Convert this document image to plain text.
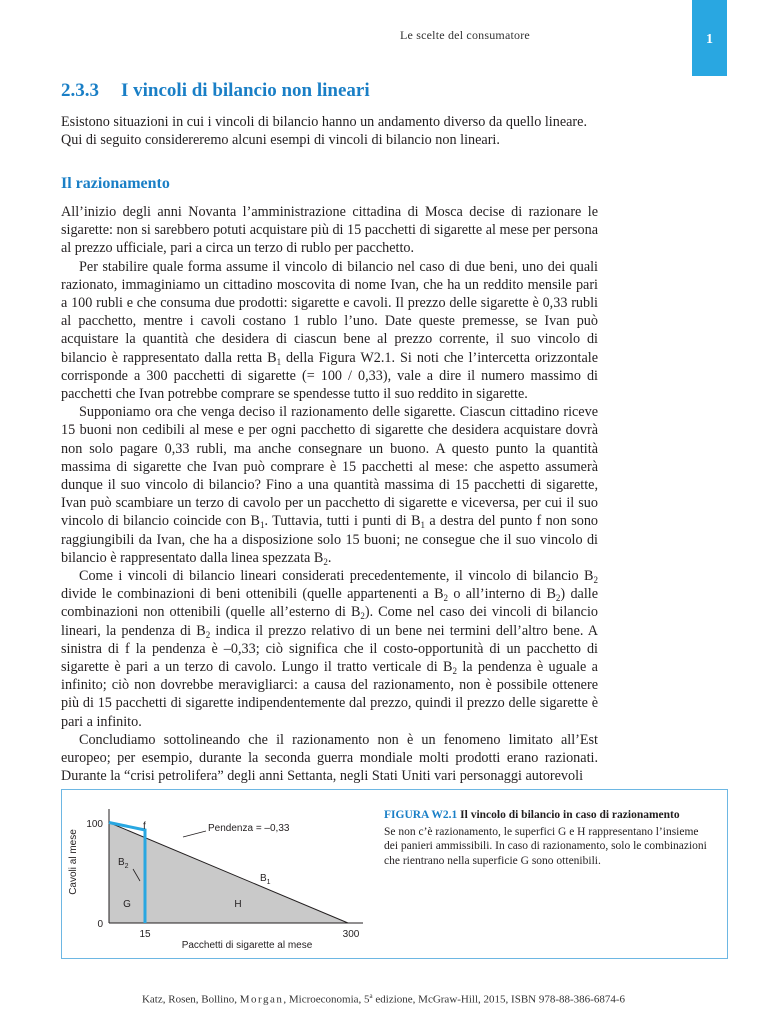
Le scelte del consumatore	1
2.3.3 I vincoli di bilancio non lineari
Esistono situazioni in cui i vincoli di bilancio hanno un andamento diverso da quello lineare. Qui di seguito considereremo alcuni esempi di vincoli di bilancio non lineari.
Il razionamento

All’inizio degli anni Novanta l’amministrazione cittadina di Mosca decise di razionare le sigarette: non si sarebbero potuti acquistare più di 15 pacchetti di sigarette al mese per persona al prezzo ufficiale, pari a circa un terzo di rublo per pacchetto.

Per stabilire quale forma assume il vincolo di bilancio nel caso di due beni, uno dei quali razionato, immaginiamo un cittadino moscovita di nome Ivan, che ha un reddito mensile pari a 100 rubli e che consuma due prodotti: sigarette e cavoli. Il prezzo delle sigarette è 0,33 rubli al pacchetto, mentre i cavoli costano 1 rublo l’uno. Date queste premesse, se Ivan può acquistare la quantità che desidera di ciascun bene al prezzo corrente, il suo vincolo di bilancio è rappresentato dalla retta $B_1$ della Figura W2.1. Si noti che l’intercetta orizzontale corrisponde a 300 pacchetti di sigarette (= 100 / 0,33), vale a dire il numero massimo di pacchetti che Ivan potrebbe comprare se spendesse tutto il suo reddito in sigarette.

Supponiamo ora che venga deciso il razionamento delle sigarette. Ciascun cittadino riceve 15 buoni non cedibili al mese e per ogni pacchetto di sigarette che desidera acquistare dovrà non solo pagare 0,33 rubli, ma anche consegnare un buono. A questo punto la quantità massima di sigarette che Ivan può comprare è 15 pacchetti al mese: che aspetto assumerà dunque il suo vincolo di bilancio? Fino a una quantità massima di 15 pacchetti di sigarette, Ivan può scambiare un terzo di cavolo per un pacchetto di sigarette e viceversa, per cui il suo vincolo di bilancio coincide con $B_1$. Tuttavia, tutti i punti di $B_1$ a destra del punto f non sono raggiungibili da Ivan, che ha a disposizione solo 15 buoni; ne consegue che il suo vincolo di bilancio è rappresentato dalla linea spezzata $B_2$.

Come i vincoli di bilancio lineari considerati precedentemente, il vincolo di bilancio $B_2$ divide le combinazioni di beni ottenibili (quelle appartenenti a $B_2$ o all’interno di $B_2$) dalle combinazioni non ottenibili (quelle all’esterno di $B_2$). Come nel caso dei vincoli di bilancio lineari, la pendenza di $B_2$ indica il prezzo relativo di un bene nei termini dell’altro bene. A sinistra di f la pendenza è –0,33; ciò significa che il costo-opportunità di un pacchetto di sigarette è pari a un terzo di cavolo. Lungo il tratto verticale di $B_2$ la pendenza è uguale a infinito; ciò non dovrebbe meravigliarci: a causa del razionamento, non è possibile ottenere più di 15 pacchetti di sigarette indipendentemente dal prezzo, quindi il prezzo delle sigarette è pari a infinito.

Concludiamo sottolineando che il razionamento non è un fenomeno limitato all’Est europeo; per esempio, durante la seconda guerra mondiale molti prodotti erano razionati. Durante la “crisi petrolifera” degli anni Settanta, negli Stati Uniti vari personaggi autorevoli

Cavoli al mese
Pacchetti di sigarette al mese
100
0
15	300
f	Pendenza = –0,33
$B_1$
$B_2$
G	H
FIGURA W2.1 Il vincolo di bilancio in caso di razionamento
Se non c’è razionamento, le superfici G e H rappresentano l’insieme dei panieri ammissibili. In caso di razionamento, solo le combinazioni che rientrano nella superficie G sono ottenibili.
Katz, Rosen, Bollino, Morgan, Microeconomia, 5$^a$ edizione, McGraw-Hill, 2015, ISBN 978-88-386-6874-6
